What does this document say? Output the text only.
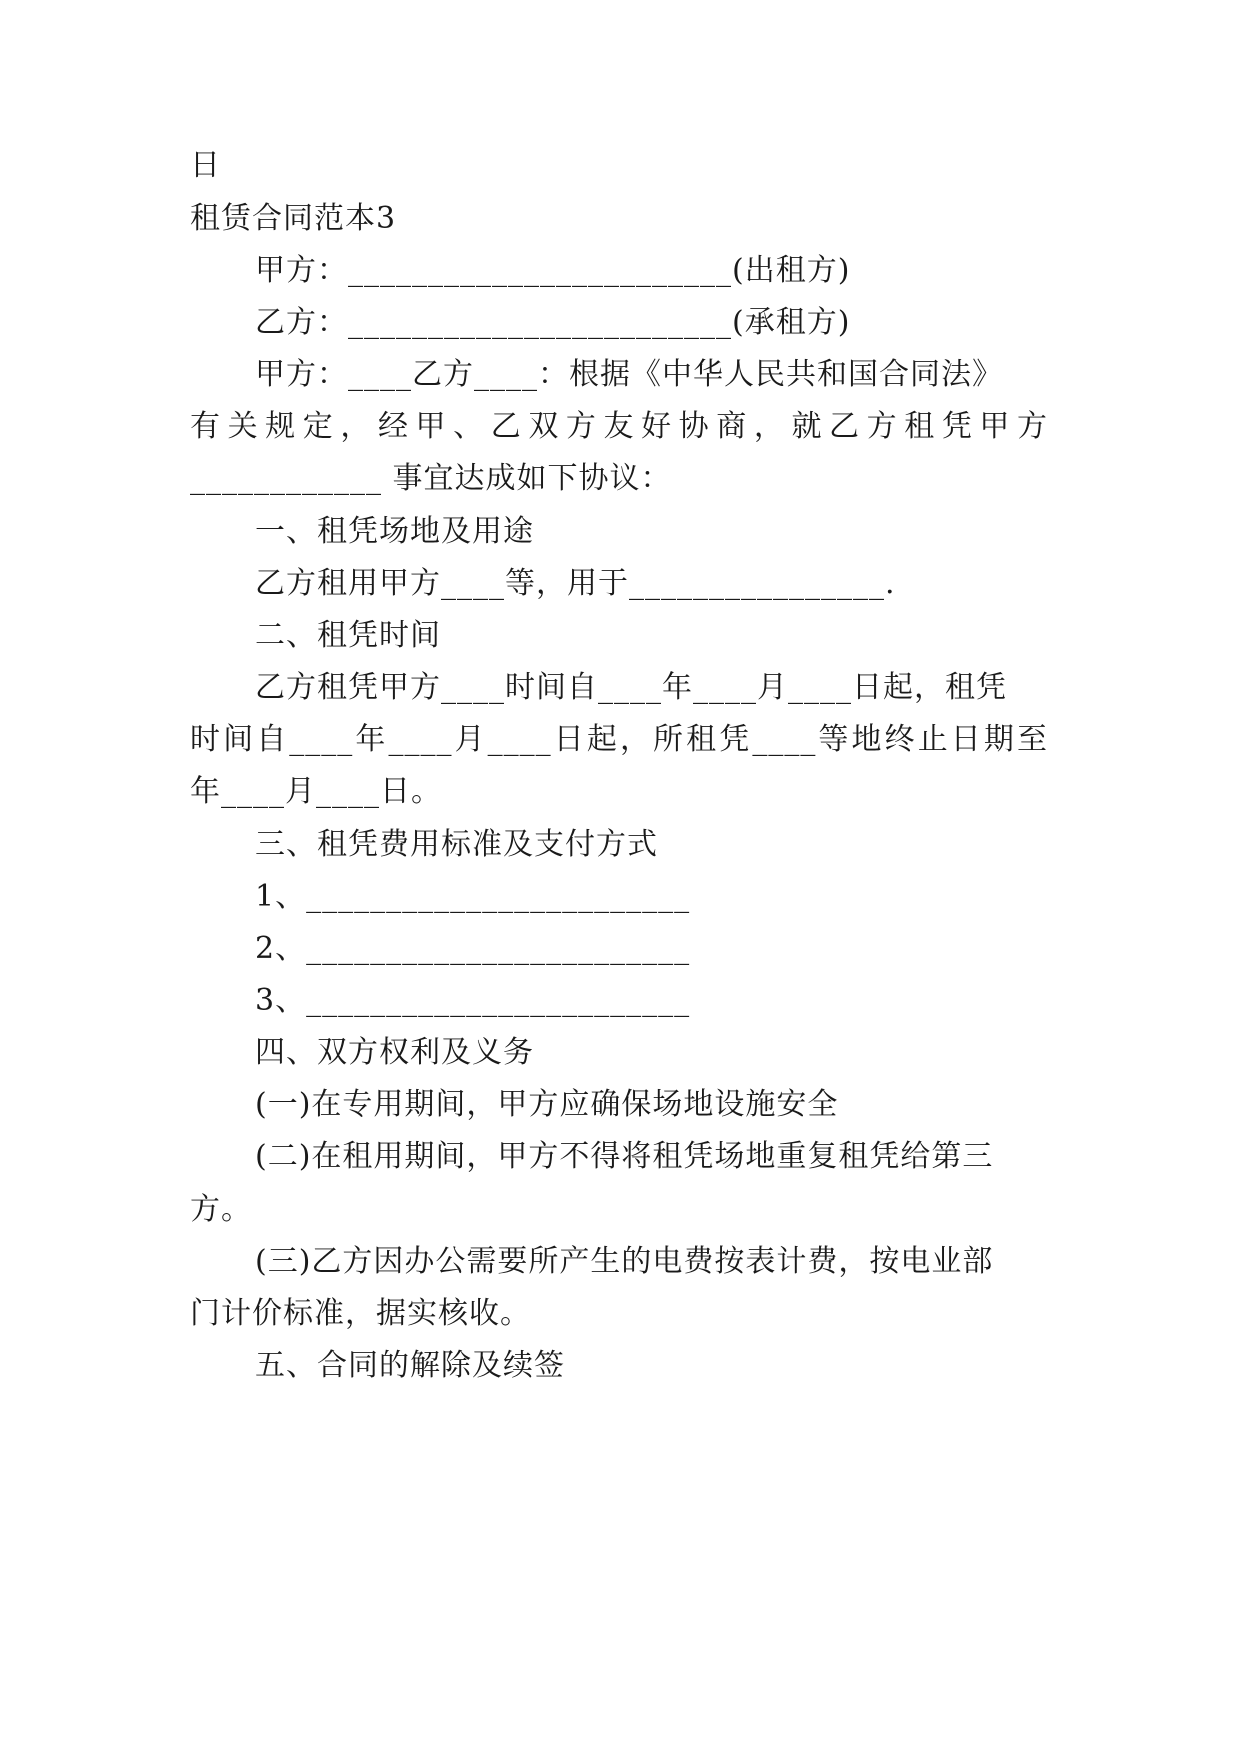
日
租赁合同范本3
甲方：________________________(出租方)
乙方：________________________(承租方)
甲方：____乙方____：根据《中华人民共和国合同法》
有关规定，经甲、乙双方友好协商，就乙方租凭甲方
____________ 事宜达成如下协议：
一、租凭场地及用途
乙方租用甲方____等，用于________________.
二、租凭时间
乙方租凭甲方____时间自____年____月____日起，租凭
时间自____年____月____日起，所租凭____等地终止日期至
年____月____日。
三、租凭费用标准及支付方式
1、________________________
2、________________________
3、________________________
四、双方权利及义务
(一)在专用期间，甲方应确保场地设施安全
(二)在租用期间，甲方不得将租凭场地重复租凭给第三
方。
(三)乙方因办公需要所产生的电费按表计费，按电业部
门计价标准，据实核收。
五、合同的解除及续签
